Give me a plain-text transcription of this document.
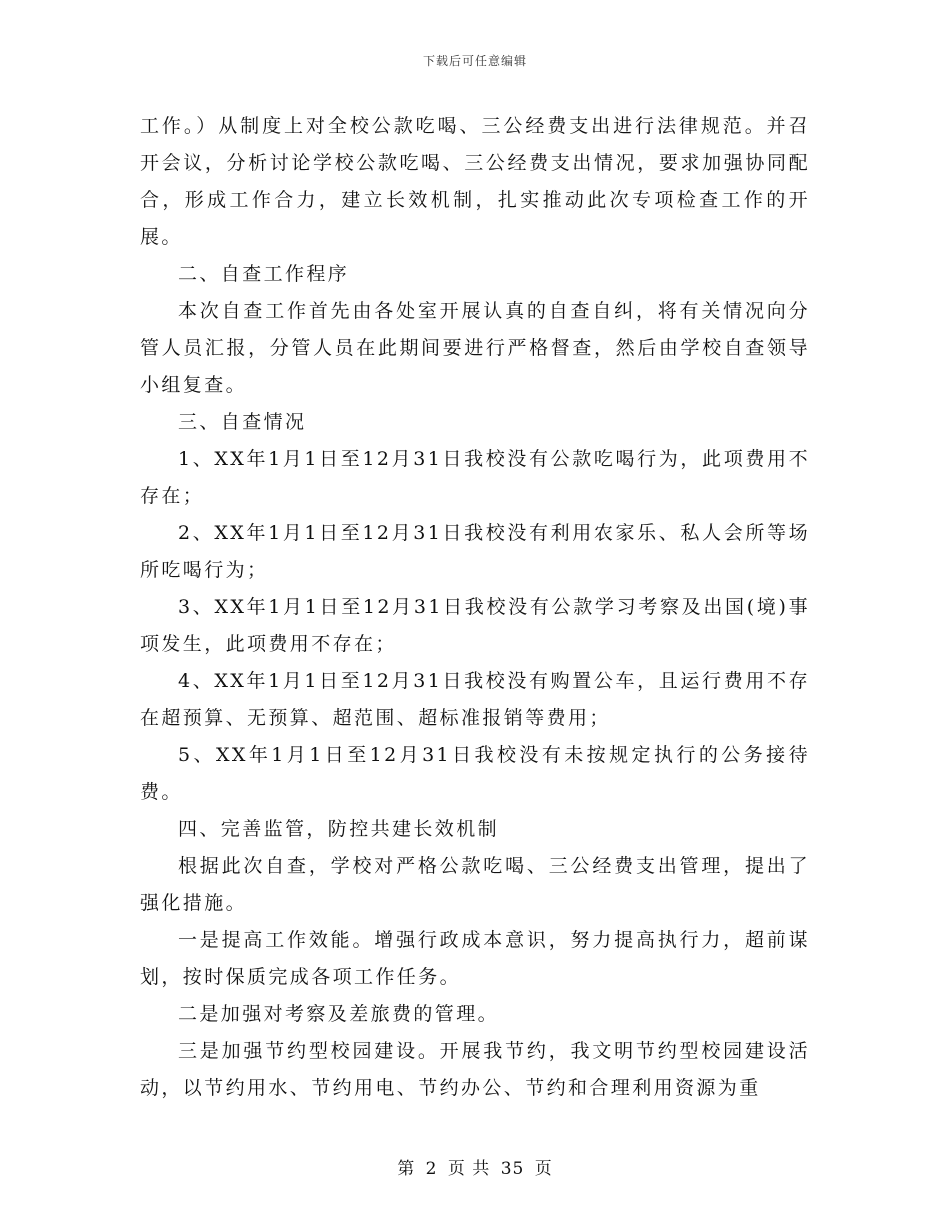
下载后可任意编辑

工作。）从制度上对全校公款吃喝、三公经费支出进行法律规范。并召开会议，分析讨论学校公款吃喝、三公经费支出情况，要求加强协同配合，形成工作合力，建立长效机制，扎实推动此次专项检查工作的开展。

二、自查工作程序

本次自查工作首先由各处室开展认真的自查自纠，将有关情况向分管人员汇报，分管人员在此期间要进行严格督查，然后由学校自查领导小组复查。

三、自查情况

1、XX年1月1日至12月31日我校没有公款吃喝行为，此项费用不存在；

2、XX年1月1日至12月31日我校没有利用农家乐、私人会所等场所吃喝行为；

3、XX年1月1日至12月31日我校没有公款学习考察及出国(境)事项发生，此项费用不存在；

4、XX年1月1日至12月31日我校没有购置公车，且运行费用不存在超预算、无预算、超范围、超标准报销等费用；

5、XX年1月1日至12月31日我校没有未按规定执行的公务接待费。

四、完善监管，防控共建长效机制

根据此次自查，学校对严格公款吃喝、三公经费支出管理，提出了强化措施。

一是提高工作效能。增强行政成本意识，努力提高执行力，超前谋划，按时保质完成各项工作任务。

二是加强对考察及差旅费的管理。

三是加强节约型校园建设。开展我节约，我文明节约型校园建设活动，以节约用水、节约用电、节约办公、节约和合理利用资源为重

第 2 页 共 35 页
